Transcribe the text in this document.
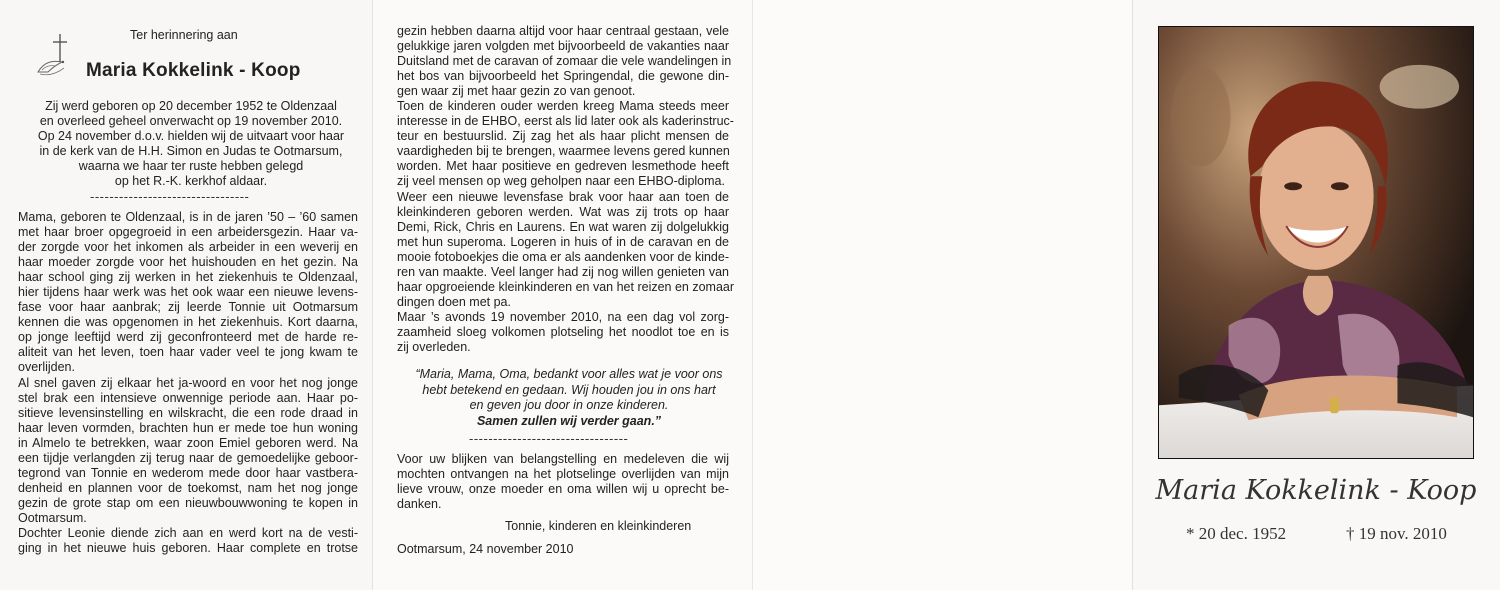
Ter herinnering aan
Maria Kokkelink - Koop
Zij werd geboren op 20 december 1952 te Oldenzaal
en overleed geheel onverwacht op 19 november 2010.
Op 24 november d.o.v. hielden wij de uitvaart voor haar
in de kerk van de H.H. Simon en Judas te Ootmarsum,
waarna we haar ter ruste hebben gelegd
op het R.-K. kerkhof aldaar.
---------------------------------
Mama, geboren te Oldenzaal, is in de jaren ’50 – ’60 samen
met haar broer opgegroeid in een arbeidersgezin. Haar va-
der zorgde voor het inkomen als arbeider in een weverij en
haar moeder zorgde voor het huishouden en het gezin. Na
haar school ging zij werken in het ziekenhuis te Oldenzaal,
hier tijdens haar werk was het ook waar een nieuwe levens-
fase voor haar aanbrak; zij leerde Tonnie uit Ootmarsum
kennen die was opgenomen in het ziekenhuis. Kort daarna,
op jonge leeftijd werd zij geconfronteerd met de harde re-
aliteit van het leven, toen haar vader veel te jong kwam te
overlijden.
Al snel gaven zij elkaar het ja-woord en voor het nog jonge
stel brak een intensieve onwennige periode aan. Haar po-
sitieve levensinstelling en wilskracht, die een rode draad in
haar leven vormden, brachten hun er mede toe hun woning
in Almelo te betrekken, waar zoon Emiel geboren werd. Na
een tijdje verlangden zij terug naar de gemoedelijke geboor-
tegrond van Tonnie en wederom mede door haar vastbera-
denheid en plannen voor de toekomst, nam het nog jonge
gezin de grote stap om een nieuwbouwwoning te kopen in
Ootmarsum.
Dochter Leonie diende zich aan en werd kort na de vesti-
ging in het nieuwe huis geboren. Haar complete en trotse
gezin hebben daarna altijd voor haar centraal gestaan, vele
gelukkige jaren volgden met bijvoorbeeld de vakanties naar
Duitsland met de caravan of zomaar die vele wandelingen in
het bos van bijvoorbeeld het Springendal, die gewone din-
gen waar zij met haar gezin zo van genoot.
Toen de kinderen ouder werden kreeg Mama steeds meer
interesse in de EHBO, eerst als lid later ook als kaderinstruc-
teur en bestuurslid. Zij zag het als haar plicht mensen de
vaardigheden bij te brengen, waarmee levens gered kunnen
worden. Met haar positieve en gedreven lesmethode heeft
zij veel mensen op weg geholpen naar een EHBO-diploma.
Weer een nieuwe levensfase brak voor haar aan toen de
kleinkinderen geboren werden. Wat was zij trots op haar
Demi, Rick, Chris en Laurens. En wat waren zij dolgelukkig
met hun superoma. Logeren in huis of in de caravan en de
mooie fotoboekjes die oma er als aandenken voor de kinde-
ren van maakte. Veel langer had zij nog willen genieten van
haar opgroeiende kleinkinderen en van het reizen en zomaar
dingen doen met pa.
Maar ’s avonds 19 november 2010, na een dag vol zorg-
zaamheid sloeg volkomen plotseling het noodlot toe en is
zij overleden.
“Maria, Mama, Oma, bedankt voor alles wat je voor ons
hebt betekend en gedaan. Wij houden jou in ons hart
en geven jou door in onze kinderen.
Samen zullen wij verder gaan.”
---------------------------------
Voor uw blijken van belangstelling en medeleven die wij
mochten ontvangen na het plotselinge overlijden van mijn
lieve vrouw, onze moeder en oma willen wij u oprecht be-
danken.
Tonnie, kinderen en kleinkinderen
Ootmarsum, 24 november 2010
Maria Kokkelink - Koop
* 20 dec. 1952	† 19 nov. 2010
